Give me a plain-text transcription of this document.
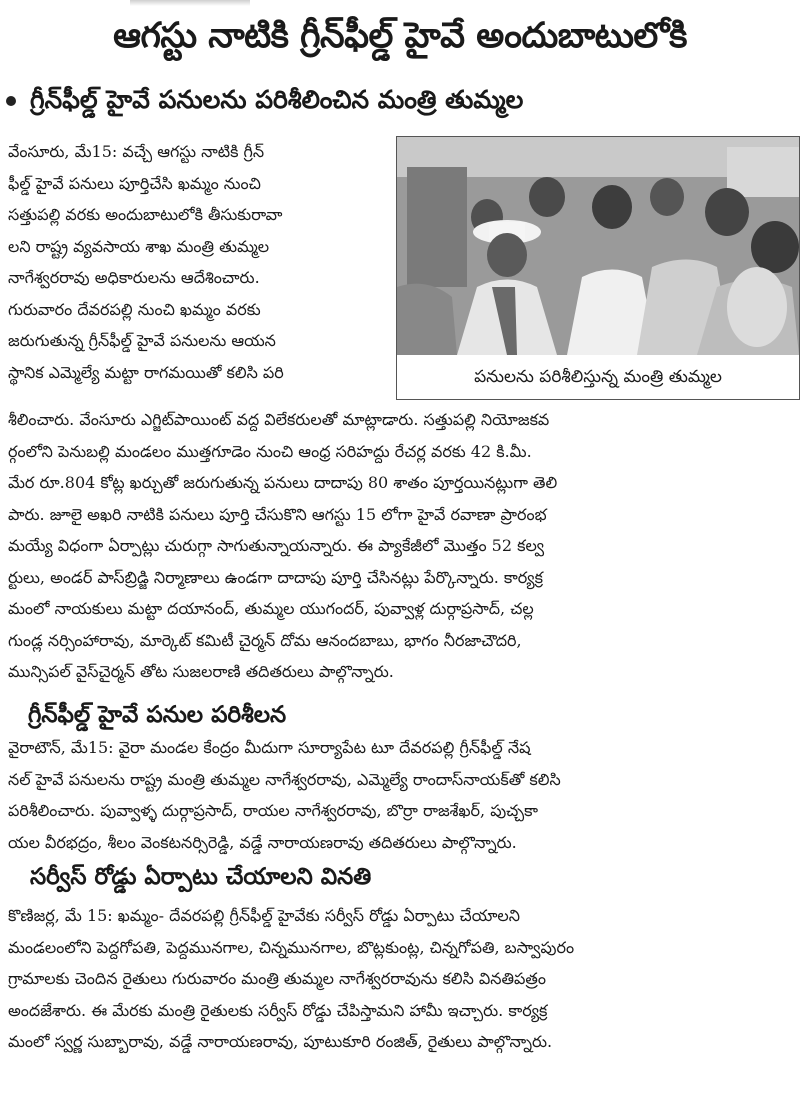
ఆగస్టు నాటికి గ్రీన్‌ఫీల్డ్ హైవే అందుబాటులోకి
గ్రీన్‌ఫీల్డ్ హైవే పనులను పరిశీలించిన మంత్రి తుమ్మల
వేంసూరు, మే15: వచ్చే ఆగస్టు నాటికి గ్రీన్
ఫీల్డ్ హైవే పనులు పూర్తిచేసి ఖమ్మం నుంచి
సత్తుపల్లి వరకు అందుబాటులోకి తీసుకురావా
లని రాష్ట్ర వ్యవసాయ శాఖ మంత్రి తుమ్మల
నాగేశ్వరరావు అధికారులను ఆదేశించారు.
గురువారం దేవరపల్లి నుంచి ఖమ్మం వరకు
జరుగుతున్న గ్రీన్‌ఫీల్డ్ హైవే పనులను ఆయన
స్థానిక ఎమ్మెల్యే మట్టా రాగమయితో కలిసి పరి	పనులను పరిశీలిస్తున్న మంత్రి తుమ్మల
శీలించారు. వేంసూరు ఎగ్జిట్‌పాయింట్ వద్ద విలేకరులతో మాట్లాడారు. సత్తుపల్లి నియోజకవ
ర్గంలోని పెనుబల్లి మండలం ముత్తగూడెం నుంచి ఆంధ్ర సరిహద్దు రేచర్ల వరకు 42 కి.మీ.
మేర రూ.804 కోట్ల ఖర్చుతో జరుగుతున్న పనులు దాదాపు 80 శాతం పూర్తయినట్లుగా తెలి
పారు. జూలై అఖరి నాటికి పనులు పూర్తి చేసుకొని ఆగస్టు 15 లోగా హైవే రవాణా ప్రారంభ
మయ్యే విధంగా ఏర్పాట్లు చురుగ్గా సాగుతున్నాయన్నారు. ఈ ప్యాకేజీలో మొత్తం 52 కల్వ
ర్టులు, అండర్ పాస్‌బ్రిడ్జి నిర్మాణాలు ఉండగా దాదాపు పూర్తి చేసినట్లు పేర్కొన్నారు. కార్యక్ర
మంలో నాయకులు మట్టా దయానంద్, తుమ్మల యుగందర్, పువ్వాళ్ల దుర్గాప్రసాద్, చల్ల
గుండ్ల నర్సింహారావు, మార్కెట్ కమిటీ చైర్మన్ దోమ ఆనందబాబు, భాగం నీరజాచౌదరి,
మున్సిపల్ వైస్‌చైర్మన్ తోట సుజలరాణి తదితరులు పాల్గొన్నారు.
గ్రీన్‌ఫీల్డ్ హైవే పనుల పరిశీలన
వైరాటౌన్, మే15: వైరా మండల కేంద్రం మీదుగా సూర్యాపేట టూ దేవరపల్లి గ్రీన్‌ఫీల్డ్ నేష
నల్ హైవే పనులను రాష్ట్ర మంత్రి తుమ్మల నాగేశ్వరరావు, ఎమ్మెల్యే రాందాస్‌నాయక్‌తో కలిసి
పరిశీలించారు. పువ్వాళ్ళ దుర్గాప్రసాద్, రాయల నాగేశ్వరరావు, బొర్రా రాజశేఖర్, పుచ్చకా
యల వీరభద్రం, శీలం వెంకటనర్సిరెడ్డి, వడ్డే నారాయణరావు తదితరులు పాల్గొన్నారు.
సర్వీస్ రోడ్డు ఏర్పాటు చేయాలని వినతి
కొణిజర్ల, మే 15: ఖమ్మం- దేవరపల్లి గ్రీన్‌ఫీల్డ్ హైవేకు సర్వీస్ రోడ్డు ఏర్పాటు చేయాలని
మండలంలోని పెద్దగోపతి, పెద్దమునగాల, చిన్నమునగాల, బొట్లకుంట్ల, చిన్నగోపతి, బస్వాపురం
గ్రామాలకు చెందిన రైతులు గురువారం మంత్రి తుమ్మల నాగేశ్వరరావును కలిసి వినతిపత్రం
అందజేశారు. ఈ మేరకు మంత్రి రైతులకు సర్వీస్ రోడ్డు చేపిస్తామని హామీ ఇచ్చారు. కార్యక్ర
మంలో స్వర్ణ సుబ్బారావు, వడ్డే నారాయణరావు, పూటుకూరి రంజిత్, రైతులు పాల్గొన్నారు.
